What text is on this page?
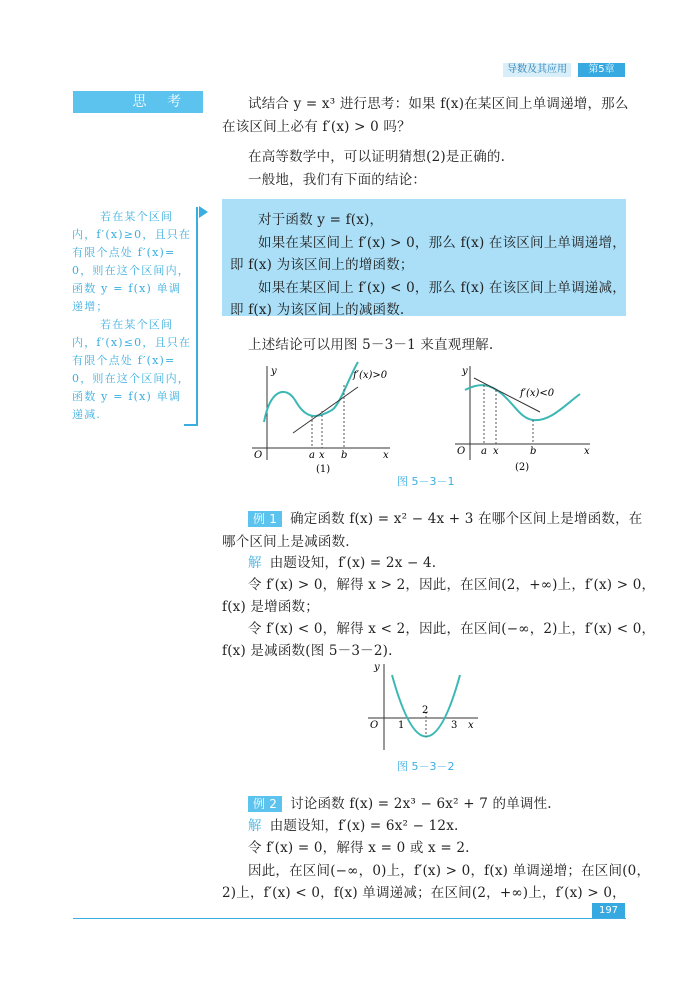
导数及其应用	第5章
思 考	试结合 y = x³ 进行思考：如果 f(x)在某区间上单调递增，那么
在该区间上必有 f′(x) > 0 吗？
在高等数学中，可以证明猜想(2)是正确的.
一般地，我们有下面的结论：
若在某个区间
内，f′(x)≥0，且只在
有限个点处 f′(x)=
0，则在这个区间内，
函数 y = f(x) 单调
递增；
若在某个区间
内，f′(x)≤0，且只在
有限个点处 f′(x)=
0，则在这个区间内，
函数 y = f(x) 单调
递减.
对于函数 y = f(x)，
如果在某区间上 f′(x) > 0，那么 f(x) 在该区间上单调递增，
即 f(x) 为该区间上的增函数；
如果在某区间上 f′(x) < 0，那么 f(x) 在该区间上单调递减，
即 f(x) 为该区间上的减函数.
上述结论可以用图 5－3－1 来直观理解.
y
O	a x b	x
f′(x)>0
(1)
y
O a x	b	x
f′(x)<0
(2)
图 5－3－1
例 1 确定函数 f(x) = x² − 4x + 3 在哪个区间上是增函数，在
哪个区间上是减函数.
解 由题设知，f′(x) = 2x − 4.
令 f′(x) > 0，解得 x > 2，因此，在区间(2，+∞)上，f′(x) > 0，
f(x) 是增函数；
令 f′(x) < 0，解得 x < 2，因此，在区间(−∞，2)上，f′(x) < 0，
f(x) 是减函数(图 5－3－2).
y
O 1
2
3 x
图 5－3－2
例 2 讨论函数 f(x) = 2x³ − 6x² + 7 的单调性.
解 由题设知，f′(x) = 6x² − 12x.
令 f′(x) = 0，解得 x = 0 或 x = 2.
因此，在区间(−∞，0)上，f′(x) > 0，f(x) 单调递增；在区间(0，
2)上，f′(x) < 0，f(x) 单调递减；在区间(2，+∞)上，f′(x) > 0，
197
